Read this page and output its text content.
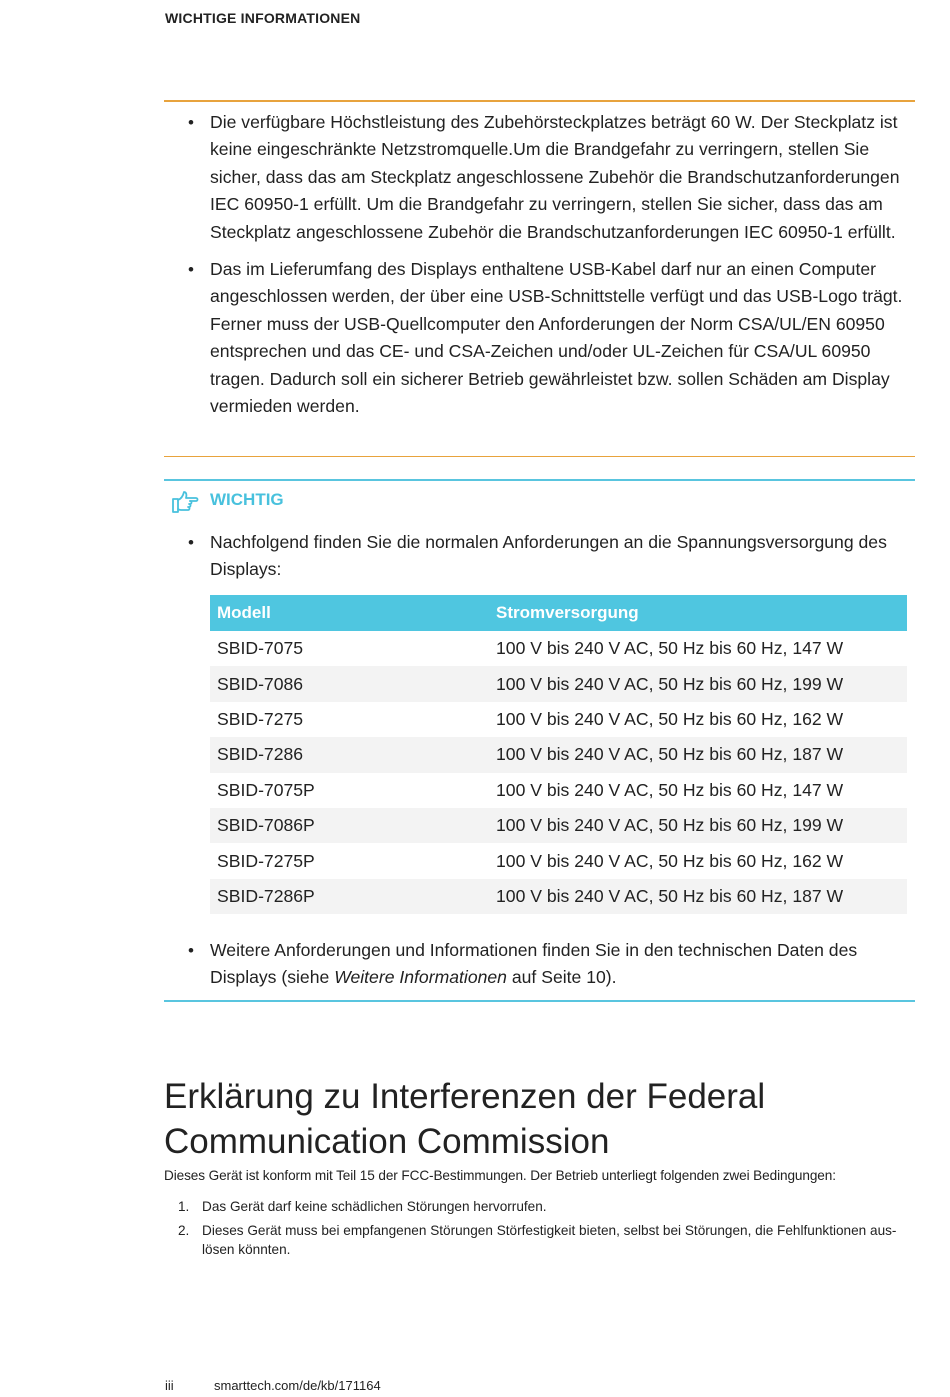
WICHTIGE INFORMATIONEN
• Die verfügbare Höchstleistung des Zubehörsteckplatzes beträgt 60 W. Der Steckplatz ist keine eingeschränkte Netzstromquelle.Um die Brandgefahr zu verringern, stellen Sie sicher, dass das am Steckplatz angeschlossene Zubehör die Brandschutzanforderungen IEC 60950-1 erfüllt. Um die Brandgefahr zu verringern, stellen Sie sicher, dass das am Steckplatz angeschlossene Zubehör die Brandschutzanforderungen IEC 60950-1 erfüllt.
• Das im Lieferumfang des Displays enthaltene USB-Kabel darf nur an einen Computer angeschlossen werden, der über eine USB-Schnittstelle verfügt und das USB-Logo trägt. Ferner muss der USB-Quellcomputer den Anforderungen der Norm CSA/UL/EN 60950 entsprechen und das CE- und CSA-Zeichen und/oder UL-Zeichen für CSA/UL 60950 tragen. Dadurch soll ein sicherer Betrieb gewährleistet bzw. sollen Schäden am Display vermieden werden.
WICHTIG
• Nachfolgend finden Sie die normalen Anforderungen an die Spannungsversorgung des Displays:
Modell	Stromversorgung
SBID-7075	100 V bis 240 V AC, 50 Hz bis 60 Hz, 147 W
SBID-7086	100 V bis 240 V AC, 50 Hz bis 60 Hz, 199 W
SBID-7275	100 V bis 240 V AC, 50 Hz bis 60 Hz, 162 W
SBID-7286	100 V bis 240 V AC, 50 Hz bis 60 Hz, 187 W
SBID-7075P	100 V bis 240 V AC, 50 Hz bis 60 Hz, 147 W
SBID-7086P	100 V bis 240 V AC, 50 Hz bis 60 Hz, 199 W
SBID-7275P	100 V bis 240 V AC, 50 Hz bis 60 Hz, 162 W
SBID-7286P	100 V bis 240 V AC, 50 Hz bis 60 Hz, 187 W
• Weitere Anforderungen und Informationen finden Sie in den technischen Daten des Displays (siehe Weitere Informationen auf Seite 10).
Erklärung zu Interferenzen der Federal Communication Commission
Dieses Gerät ist konform mit Teil 15 der FCC-Bestimmungen. Der Betrieb unterliegt folgenden zwei Bedingungen:
1. Das Gerät darf keine schädlichen Störungen hervorrufen.
2. Dieses Gerät muss bei empfangenen Störungen Störfestigkeit bieten, selbst bei Störungen, die Fehlfunktionen aus-lösen könnten.
iii	smarttech.com/de/kb/171164
